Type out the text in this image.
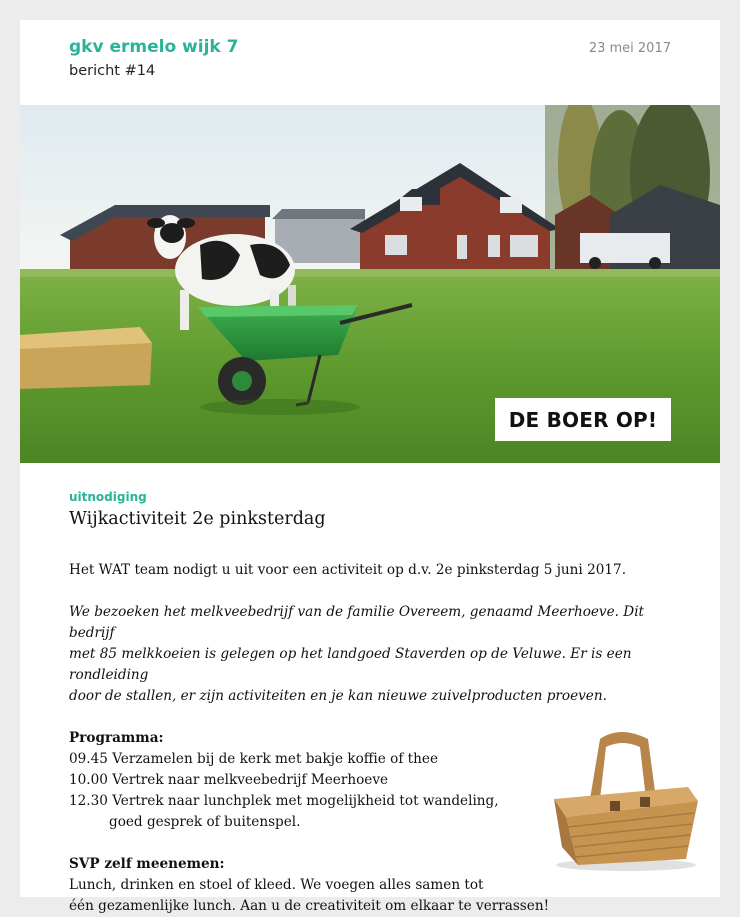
gkv ermelo wijk 7
bericht #14
23 mei 2017
DE BOER OP!
uitnodiging
Wijkactiviteit 2e pinksterdag

Het WAT team nodigt u uit voor een activiteit op d.v. 2e pinksterdag 5 juni 2017.

We bezoeken het melkveebedrijf van de familie Overeem, genaamd Meerhoeve. Dit bedrijf

met 85 melkkoeien is gelegen op het landgoed Staverden op de Veluwe. Er is een rondleiding

door de stallen, er zijn activiteiten en je kan nieuwe zuivelproducten proeven.

Programma:

09.45 Verzamelen bij de kerk met bakje koffie of thee

10.00 Vertrek naar melkveebedrijf Meerhoeve

12.30 Vertrek naar lunchplek met mogelijkheid tot wandeling,

goed gesprek of buitenspel.

SVP zelf meenemen:

Lunch, drinken en stoel of kleed. We voegen alles samen tot

één gezamenlijke lunch. Aan u de creativiteit om elkaar te verrassen!
